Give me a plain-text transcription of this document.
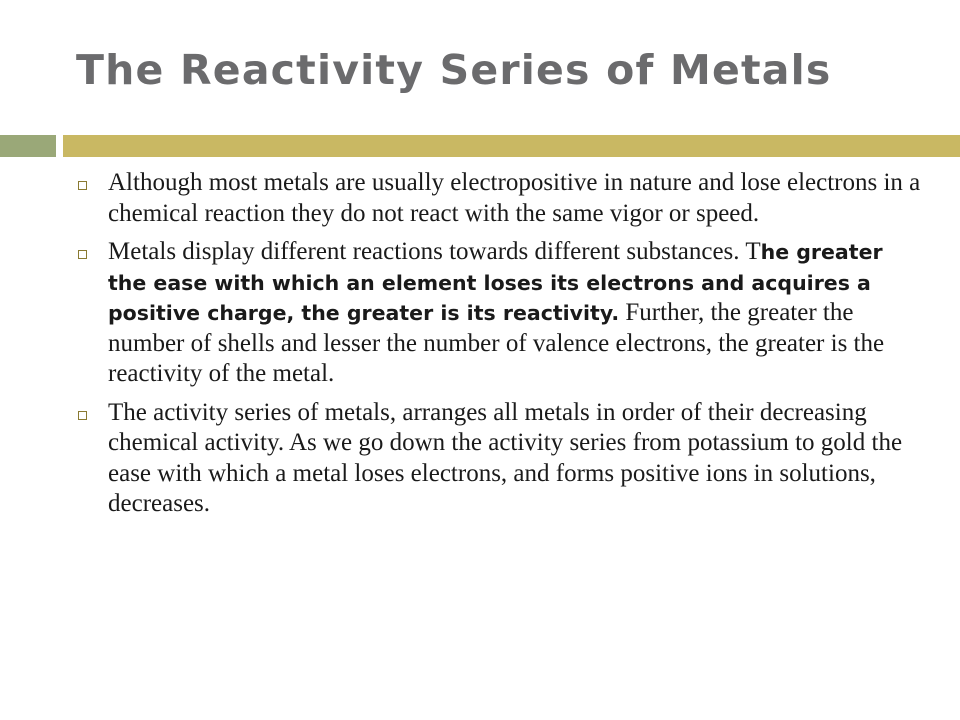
The Reactivity Series of Metals
Although most metals are usually electropositive in nature and lose electrons in a chemical reaction they do not react with the same vigor or speed.
Metals display different reactions towards different substances. The greater the ease with which an element loses its electrons and acquires a positive charge, the greater is its reactivity. Further, the greater the number of shells and lesser the number of valence electrons, the greater is the reactivity of the metal.
The activity series of metals, arranges all metals in order of their decreasing chemical activity. As we go down the activity series from potassium to gold the ease with which a metal loses electrons, and forms positive ions in solutions, decreases.
